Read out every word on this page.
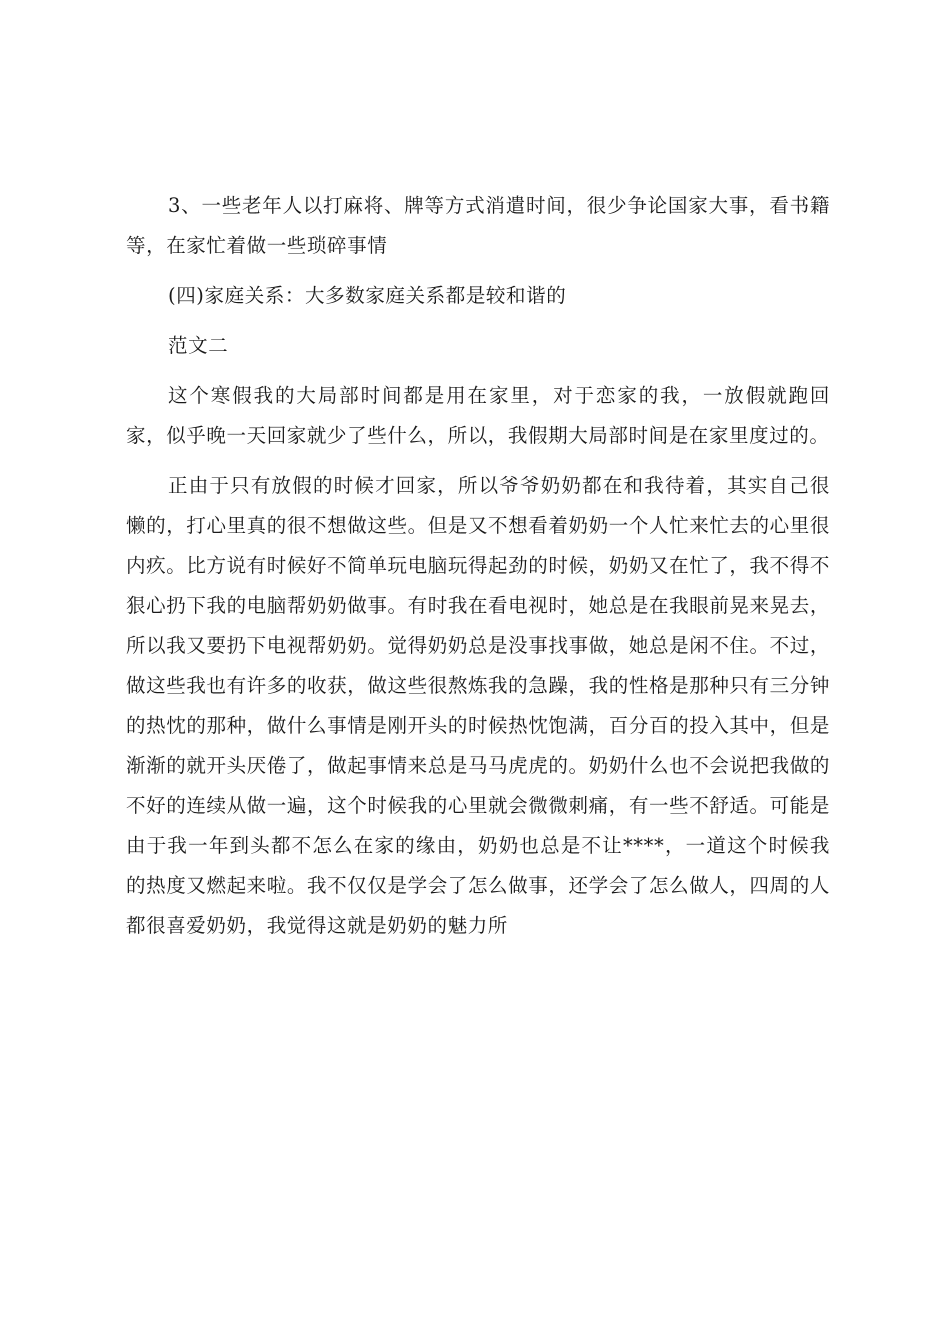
3、一些老年人以打麻将、牌等方式消遣时间，很少争论国家大事，看书籍等，在家忙着做一些琐碎事情

(四)家庭关系：大多数家庭关系都是较和谐的

范文二

这个寒假我的大局部时间都是用在家里，对于恋家的我，一放假就跑回家，似乎晚一天回家就少了些什么，所以，我假期大局部时间是在家里度过的。

正由于只有放假的时候才回家，所以爷爷奶奶都在和我待着，其实自己很懒的，打心里真的很不想做这些。但是又不想看着奶奶一个人忙来忙去的心里很内疚。比方说有时候好不简单玩电脑玩得起劲的时候，奶奶又在忙了，我不得不狠心扔下我的电脑帮奶奶做事。有时我在看电视时，她总是在我眼前晃来晃去，所以我又要扔下电视帮奶奶。觉得奶奶总是没事找事做，她总是闲不住。不过，做这些我也有许多的收获，做这些很熬炼我的急躁，我的性格是那种只有三分钟的热忱的那种，做什么事情是刚开头的时候热忱饱满，百分百的投入其中，但是渐渐的就开头厌倦了，做起事情来总是马马虎虎的。奶奶什么也不会说把我做的不好的连续从做一遍，这个时候我的心里就会微微刺痛，有一些不舒适。可能是由于我一年到头都不怎么在家的缘由，奶奶也总是不让****，一道这个时候我的热度又燃起来啦。我不仅仅是学会了怎么做事，还学会了怎么做人，四周的人都很喜爱奶奶，我觉得这就是奶奶的魅力所
